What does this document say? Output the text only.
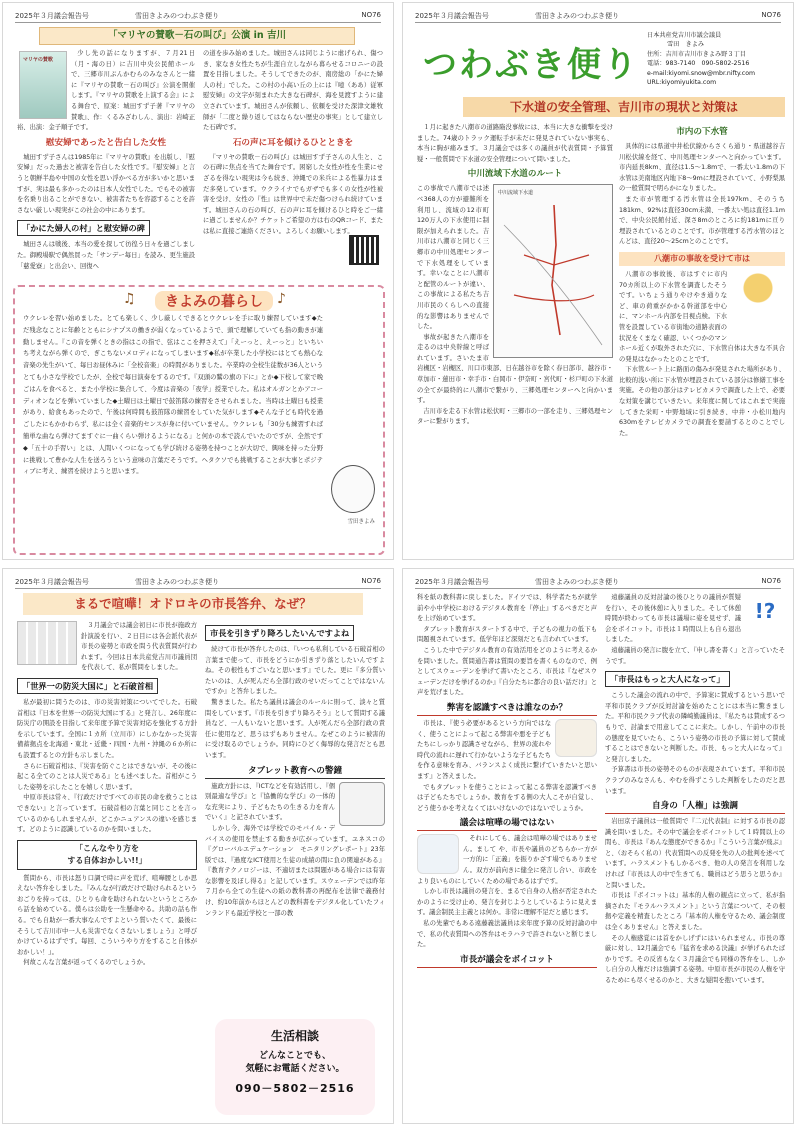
2025年３月議会報告号	雪田きよみのつわぶき便り	NO76
「マリヤの賛歌－石の叫び」公演 in 吉川
マリヤの賛歌

少し先の話になりますが、７月21日（月・海の日）に吉川中央公民館ホールで、三郷市川ぶんかむらのみなさんと一緒に『マリヤの賛歌－石の叫び』公演を開催します。『マリヤの賛歌を上演する会』による舞台で、原案：城田すず子著『マリヤの賛歌』、作：くるみざわしん、演出：岩崎正裕、出演：金子順子です。

慰安婦であったと告白した女性

城田すず子さんは1985年に『マリヤの賛歌』を出版し、『慰安婦』だった過去と被害を告白した女性です。『慰安婦』と言うと朝鮮半島や中国の女性を思い浮かべる方が多いかと思いますが、実は最も多かったのは日本人女性でした。でもその被害を名乗り出ることができない、被害者たちを容認することを許さない厳しい現実がこの社会の中にあります。

「かにた婦人の村」と慰安婦の碑

城田さんは戦後、本当の愛を探して彷徨う日々を過ごしました。御殿場駅で偶然買った「サンデー毎日」を読み、更生施設「慈愛寮」と出会い、回復へ

の道を歩み始めました。城田さんは同じように虐げられ、傷つき、家なき女性たちが生涯自立しながら暮らせるコロニーの設置を目指しました。そうしてできたのが、南房総の「かにた婦人の村」でした。この村の小高い丘の上には『噫（ああ）従軍慰安婦』の文字が刻まれた大きな石碑が、海を見渡すように建立されています。城田さんが依頼し、依頼を受けた深津文雄牧師が「二度と繰り返してはならない歴史の事実」として建立した石碑です。

石の声に耳を傾けるひとときを

『マリヤの賛歌－石の叫び』は城田すず子さんの人生と、この石碑に焦点を当てた舞台です。困窮した女性が性を生業にせざるを得ない現実は今も続き、沖縄での米兵による性暴力はまだ多発しています。ウクライナでもガザでも多くの女性が性被害を受け、女性の『性』は世界中で未だ傷つけられ続けています。城田さんの石の叫び、石の声に耳を傾けるひと時をご一緒に過ごしませんか？チケットご希望の方は右のQRコード、または私に直接ご連絡ください。よろしくお願いします。

きよみの暮らし
♫	♪

ウクレレを習い始めました。とても楽しく、少し厳しくできるとウクレレを手に取り練習しています◆ただ残念なことに年齢とともにシナプスの働きが弱くなっているようで、頭で理解していても指の動きが連動しません。『この音を弾くときの指はこの指で、弦はここを押さえて』「えーっと、えーっと」といちいち考えながら弾くので、ぎこちないメロディになってしまいます◆私が卒業した小学校にはとても熱心な音楽の先生がいて、毎日お昼休みに「全校音楽」の時間がありました。卒業時の全校生徒数が36人というとても小さな学校でしたが、全校で毎日演奏をするのです。『双頭の鷲の旗の下に』とか◆下校して家で晩ごはんを食べると、また小学校に集合して、今度は音楽の「夜学」授業でした。私はオルガンとかアコーディオンなどを弾いていました◆土曜日は土曜日で鼓笛隊の練習をさせられました。当時は土曜日も授業があり、給食もあったので、午後は何時間も鼓笛隊の練習をしていた気がします◆そんな子ども時代を過ごしたにもかかわらず、私には全く音楽的センスが身に付いていません。ウクレレも「30分も練習すれば簡単な曲なら弾けてますぐに一曲くらい弾けるようになる」と何かの本で読んでいたのですが、全然です◆「五十の手習い」とは、人間いくつになっても学び続ける姿勢を持つことが大切で、興味を持った分野に挑戦して豊かな人生を送ろうという意味の言葉だそうです。ヘタクソでも挑戦することが大事とポジティブに考え、練習を続けようと思います。

雪田きよみ
2025年３月議会報告号	雪田きよみのつわぶき便り	NO76
つわぶき便り
日本共産党吉川市議会議員
雪田　きよみ
住所：吉川市吉川市きよみ野３丁目
電話：983-7140　090-5802-2516
e-mail:kiyomi.snow@mbr.nifty.com
URL:kiyomiyukita.com
下水道の安全管理、吉川市の現状と対策は

１月に起きた八潮市の道路陥没事故には、本当に大きな衝撃を受けました。74歳のトラック運転手が未だに発見されていない事実も、本当に胸が痛みます。３月議会では多くの議員が代表質問・予算質疑・一般質問で下水道の安全管理について問いました。

中川流域下水道のルート
中川流域下水道

この事故で八潮市では述べ368人の方が避難所を利用し、流域の12市町120万人の下水使用に制限が加えられました。吉川市は八潮市と同じく三郷市の中川処理センターで下水処理をしています。幸いなことに八潮市と配管のルートが違い、この事故による私たち吉川市民のくらしへの直接的な影響はありませんでした。

事故が起きた八潮市を走るのは中央幹線と呼ばれています。さいたま市岩槻区・岩槻区、川口市東部、日在越谷市を除く春日部市、越谷市・草加市・蓮田市・幸手市・白岡市・伊奈町・宮代町・杉戸町の下水道の全てが最終的に八潮市で繋がり、三郷処理センターへと向かいます。

吉川市を走る下水管は松伏町・三郷市の一部を走り、三郷処理センターに繋がります。

市内の下水管

具体的には県道中井松伏線からさくら通り・県道越谷吉川松伏線を経て、中川処理センターへと向かっています。市内延長8km、直径は1.5～1.8mで、一番太い1.8mの下水管は美南地区内地下8～9mに埋設されていて、小野梨黒の一般質問で明らかになりました。

また市が管理する汚水管は全長197km、そのうち181km、92%は直径30cm未満、一番太い処は直径1.1mで、中央公民館付近、深さ8mのところに約181mに亘り埋設されているとのことです。市が管理する汚水管のほとんどは、直径20～25cmとのことです。

八潮市の事故を受けて市は

八潮市の事故後、市はすぐに市内70カ所以上の下水管を調査したそうです。いちょう通りやけやき通りなど、車の荷重がかかる幹道部を中心に、マンホール内部を目視点検。下水管を設置している市街地の道路表面の状況をくまなく確認、いくつかのマンホール近くが取外された穴に、下水管自体は大きな不具合の発見はなかったとのことです。

下水管ルート上に路面の傷みが発見された場所があり、比較的浅い所に下水管が埋設されている部分は修繕工事を実施。その他の部分はテレビカメラで調査した上で、必要な対策を講じていきたい。来年度に関してはこれまで実施してきた栄町・中野地域に引き続き、中井・小松川地内630mをテレビカメラでの調査を要請するとのことでした。

2025年３月議会報告号	雪田きよみのつわぶき便り	NO76
まるで喧嘩！オドロキの市長答弁、なぜ？

３月議会では議会初日に市長が施政方針演説を行い、２日目には各会派代表が市長の姿勢と市政を問う代表質問が行われます。今回は日本共産党吉川市議員団を代表して、私が質問をしました。

「世界一の防災大国に」と石破首相

私が最初に問うたのは、市の災害対策についてでした。石破首相は『日本を世界一の防災大国にする』と発言し、26年度に防災庁の開設を目指して来年度予算で災害対応を強化する方針を示しています。全国に１カ所（立川市）にしかなかった災害備蓄拠点を北海道・東北・近畿・四国・九州・沖縄の６か所にも設置するとの方針も示しました。

さらに石破首相は、『災害を防ぐことはできないが、その後に起こる全てのことは人災である』とも述べました。首相がこうした姿勢を示したことを嬉しく思います。

中原市長は常々、『行政だけですべての市民の命を救うことはできない』と言っています。石破首相の言葉と同じことを言っているのかもしれませんが、どこかニュアンスの違いを感じます。どのように認識しているのかを問いました。

「こんなやり方を
する自体おかしい!!」

質問から、市長は怒り口調で時に声を荒げ、喧嘩腰としか思えない答弁をしました。『みんなが行政だけで助けられるというおごりを持っては、ひとりも命を助けられないというところから話を始めている。僕らは公助を一生懸命やる。共助の話も作る。でも自助が一番大事なんですよという質いたくて、最後にそうして吉川市中一人も災害でなくさないしましょう』と呼びかけているはずです。毎回、こういうやり方をすること自体がおかしい！』。

何故こんな言葉が返ってくるのでしょうか。

市長を引きずり降ろしたいんですよね

続けて市長が答弁したのは、『いつも私利している石破首相の言葉まで使って、市長をどうにか引きずり落としたいんですよね。その根性もすごいなと思います』でした。更に『多分質いたいのは、人が死んだら全部行政のせいだってことではないんですか』と答弁しました。

驚きました。私たち議員は議会のルールに則って、淡々と質問をしています。『市長を引きずり降ろそう』として質問する議員など、一人もいないと思います。人が死んだら全部行政の責任に使用など、思うはずもありません。なぜこのように被害的に受け取るのでしょうか。同時にひどく侮辱的な発言だとも思います。

タブレット教育への警鐘

施政方針には、『ICTなどを有効活用し、『個別最適な学び』と『協働的な学び』の一体的な充実により、子どもたちの生きる力を育んでいく』と記されています。

しかし今、海外では学校でのモバイル・デバイスの使用を禁止する動きが広がっています。ユネスコの『グローバルエデュケーション　モニタリングレポート』23年版では、『過度なICT使用と生徒の成績の間に負の関連がある』『教育テクノロジーは、不適切または問題がある場合には有害な影響を及ぼし得る』と記しています。スウェーデンでは昨年７月から全ての生徒への紙の教科書の再配布を法律で義務付け、約10年前からほとんどの教科書をデジタル化していたフィンランドも最近学校と一部の教

生活相談
どんなことでも、
気軽にお電話ください。
090－5802－2516
2025年３月議会報告号	雪田きよみのつわぶき便り	NO76

科を紙の教科書に戻しました。ドイツでは、科学者たちが就学前や小中学校におけるデジタル教育を『停止』するべきだと声を上げ始めています。

タブレット教育がスタートする中で、子どもの視力の低下も問題視されています。低学年ほど深刻だとも言われています。

こうした中でデジタル教育の有効活用をどのように考えるかを問いました。質問通告書は質問の要旨を書くものなので、例としてスウェーデンを挙げて書いたところ、市長は『なぜスウェーデンだけを挙げるのか』『自分たちに都合の良い話だけ』と声を荒げました。

弊害を認識すべきは誰なのか？

市長は、『使う必要があるという方向ではなく、使うことによって起こる弊害や悪を子どもたちにしっかり認識させながら、世界の流れや時代の流れに遅れて行かないような子どもたちを作る意味を育み、バランスよく成長に繋げていきたいと思います』と答えました。

でもタブレットを使うことによって起こる弊害を認識すべきは子どもたちでしょうか。教育をする側の大人こそが自覚し、どう使うかを考えなくてはいけないのではないでしょうか。

議会は喧嘩の場ではない

それにしても、議会は喧嘩の場ではありません。まして や、市長や議員のどちらかー方が一方的に「正義」を振りかざす場でもありません。双方が前向きに健全に発言し合い、市政をより良いものにしていくための場であるはずです。

しかし市長は議員の発言を、まるで自身の人格が否定されたかのように受け止め、発言を封じようとしているように見えます。議会制民主主義とは何か。非常に理解不足だと感じます。

私の先輩でもある遠藤義法議員は来年度予算の反対討論の中で、私の代表質問への答弁はモラハラで許されないと断じました。

市長が議会をボイコット
!?

遠藤議員の反対討論の後ひとりの議員が質疑を行い、その後休憩に入りました。そして休憩時間が終わっても市長は議場に姿を見せず、議会をボイコット。市長は１時間以上も自ら退出しました。

遠藤議員の発言に腹を立て、『申し書を書く』と言っていたそうです。

「市長はもっと大人になって」

こうした議会の流れの中で、予算案に賛成するという思いで平和市民クラブが反対討論を始めたことには本当に驚きました。平和市民クラブ代表の隣崎勤議員は、『私たちは賛成するつもりで、討論まで用意してここに来た。しかし、午前中の市長の態度を見ていたら、こういう姿勢の市長の予算に対して賛成することはできないと判断した。市長、もっと大人になって』と発言しました。

予算書は市長の姿勢そのものが表現されています。平和市民クラブのみなさんも、やむを得ずこうした判断をしたのだと思います。

自身の「人権」は強調

岩田京子議員は一般質問で『二元代表制』に対する市長の認識を問いました。その中で議会をボイコットして１時間以上の間も、市長は『あんな態度ができるか』『こういう言葉が飛ぶ』と、（おそらく私の）代表質問への反発を先の人の批判を述べています。ハラスメントもしかるべき、他の人の発言を利用しなければ『市長は人の中で生きても、職員はどう思うと思うか』と問いました。

市長は『ボイコットは』基本的人権の観点に立って、私が指摘された『モラルハラスメント』という言葉について、その根拠や定義を精査したところ『基本的人権を守るため、議会制度は全くありません』と答えました。

その人権感覚には首をかしげずにはいられません。市長の尊厳に対し、12月議会でも『猛省を求める決議』が挙げられたばかりです。その反省もなく３月議会でも同様の答弁をし、しかし自分の人権だけは強調する姿勢。中原市長が市民の人権を守るためにも尽くせるのかと、大きな疑問を抱いています。
